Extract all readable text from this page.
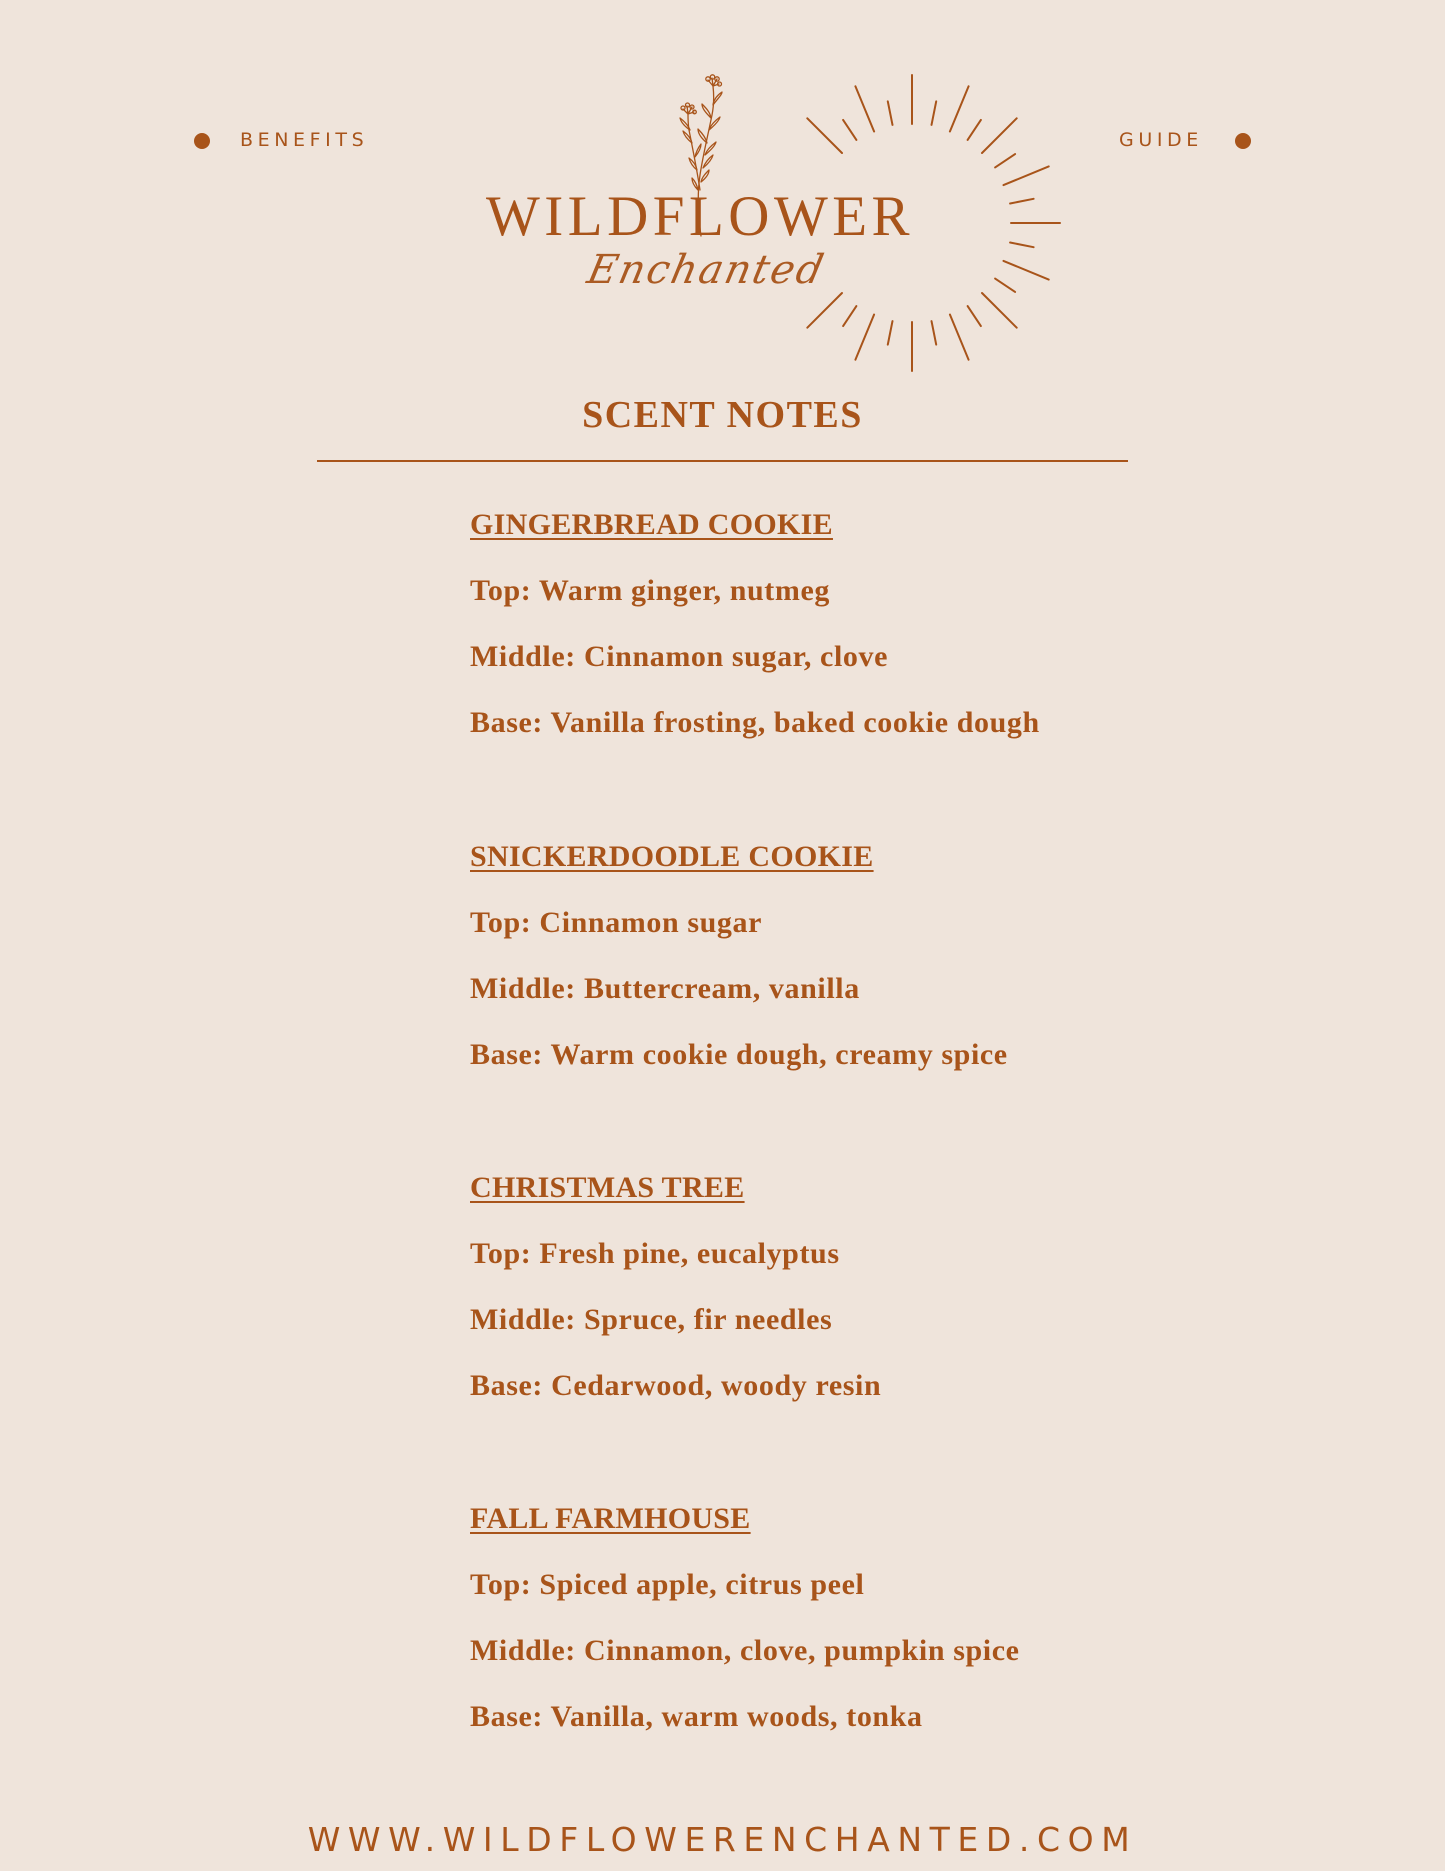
BENEFITS	GUIDE
WILDFLOWER
Enchanted
SCENT NOTES
GINGERBREAD COOKIE
Top: Warm ginger, nutmeg
Middle: Cinnamon sugar, clove
Base: Vanilla frosting, baked cookie dough
SNICKERDOODLE COOKIE
Top: Cinnamon sugar
Middle: Buttercream, vanilla
Base: Warm cookie dough, creamy spice
CHRISTMAS TREE
Top: Fresh pine, eucalyptus
Middle: Spruce, fir needles
Base: Cedarwood, woody resin
FALL FARMHOUSE
Top: Spiced apple, citrus peel
Middle: Cinnamon, clove, pumpkin spice
Base: Vanilla, warm woods, tonka
WWW.WILDFLOWERENCHANTED.COM
